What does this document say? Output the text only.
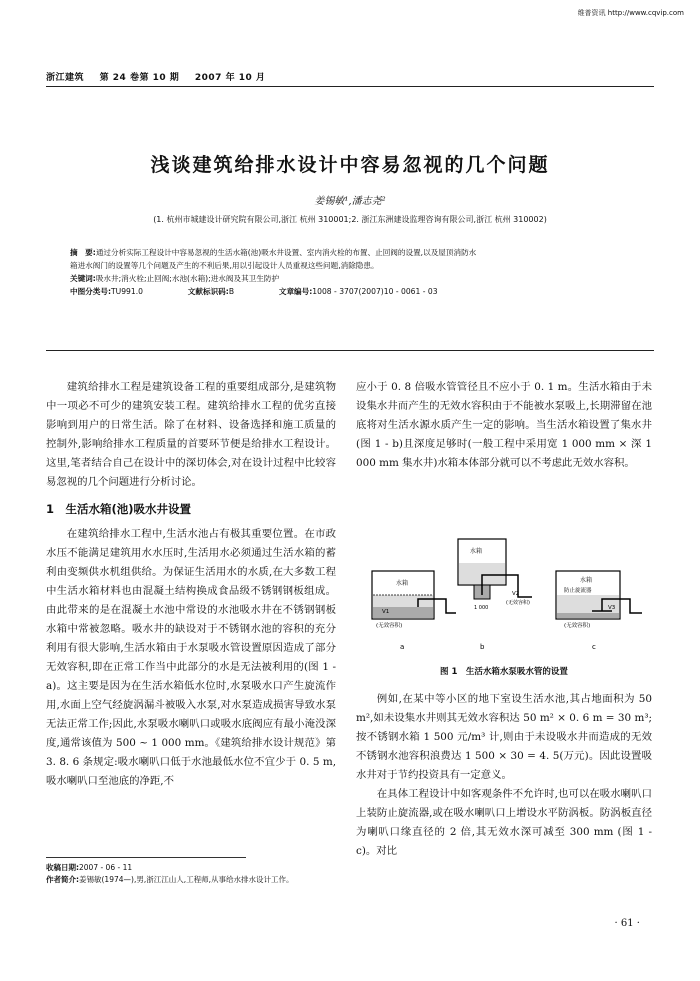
维普资讯 http://www.cqvip.com
浙江建筑 第 24 卷第 10 期 2007 年 10 月
浅谈建筑给排水设计中容易忽视的几个问题
姜锡敏¹,潘志尧²
(1. 杭州市城建设计研究院有限公司,浙江 杭州 310001;2. 浙江东洲建设监理咨询有限公司,浙江 杭州 310002)
摘　要:通过分析实际工程设计中容易忽视的生活水箱(池)吸水井设置、室内消火栓的布置、止回阀的设置,以及屋顶消防水
箱进水阀门的设置等几个问题及产生的不利后果,用以引起设计人员重视这些问题,消除隐患。
关键词:吸水井;消火栓;止回阀;水池(水箱);进水阀及其卫生防护
中图分类号:TU991.0	文献标识码:B	文章编号:1008 - 3707(2007)10 - 0061 - 03

建筑给排水工程是建筑设备工程的重要组成部分,是建筑物中一项必不可少的建筑安装工程。建筑给排水工程的优劣直接影响到用户的日常生活。除了在材料、设备选择和施工质量的控制外,影响给排水工程质量的首要环节便是给排水工程设计。这里,笔者结合自己在设计中的深切体会,对在设计过程中比较容易忽视的几个问题进行分析讨论。

1　生活水箱(池)吸水井设置

在建筑给排水工程中,生活水池占有极其重要位置。在市政水压不能满足建筑用水水压时,生活用水必须通过生活水箱的蓄利由变频供水机组供给。为保证生活用水的水质,在大多数工程中生活水箱材料也由混凝土结构换成食品级不锈钢钢板组成。由此带来的是在混凝土水池中常设的水池吸水井在不锈钢钢板水箱中常被忽略。吸水井的缺设对于不锈钢水池的容积的充分利用有很大影响,生活水箱由于水泵吸水管设置原因造成了部分无效容积,即在正常工作当中此部分的水是无法被利用的(图 1 - a)。这主要是因为在生活水箱低水位时,水泵吸水口产生旋流作用,水面上空气经旋涡漏斗被吸入水泵,对水泵造成损害导致水泵无法正常工作;因此,水泵吸水喇叭口或吸水底阀应有最小淹没深度,通常该值为 500 ~ 1 000 mm。《建筑给排水设计规范》第 3. 8. 6 条规定:吸水喇叭口低于水池最低水位不宜少于 0. 5 m,吸水喇叭口至池底的净距,不

应小于 0. 8 倍吸水管管径且不应小于 0. 1 m。生活水箱由于未设集水井而产生的无效水容积由于不能被水泵吸上,长期滞留在池底将对生活水源水质产生一定的影响。当生活水箱设置了集水井(图 1 - b)且深度足够时(一般工程中采用宽 1 000 mm × 深 1 000 mm 集水井)水箱本体部分就可以不考虑此无效水容积。

水箱
V1
(无效容积)
a
水箱
V2
(无效容积)
1 000
b
水箱
防止旋流器
V3
(无效容积)
c
图 1　生活水箱水泵吸水管的设置

例如,在某中等小区的地下室设生活水池,其占地面积为 50 m²,如未设集水井则其无效水容积达 50 m² × 0. 6 m = 30 m³;按不锈钢水箱 1 500 元/m³ 计,则由于未设吸水井而造成的无效不锈钢水池容积浪费达 1 500 × 30 = 4. 5(万元)。因此设置吸水井对于节约投资具有一定意义。

在具体工程设计中如客观条件不允许时,也可以在吸水喇叭口上装防止旋流器,或在吸水喇叭口上增设水平防涡板。防涡板直径为喇叭口缘直径的 2 倍,其无效水深可减至 300 mm (图 1 - c)。对比

收稿日期:2007 - 06 - 11
作者简介:姜锡敏(1974—),男,浙江江山人,工程师,从事给水排水设计工作。
· 61 ·
